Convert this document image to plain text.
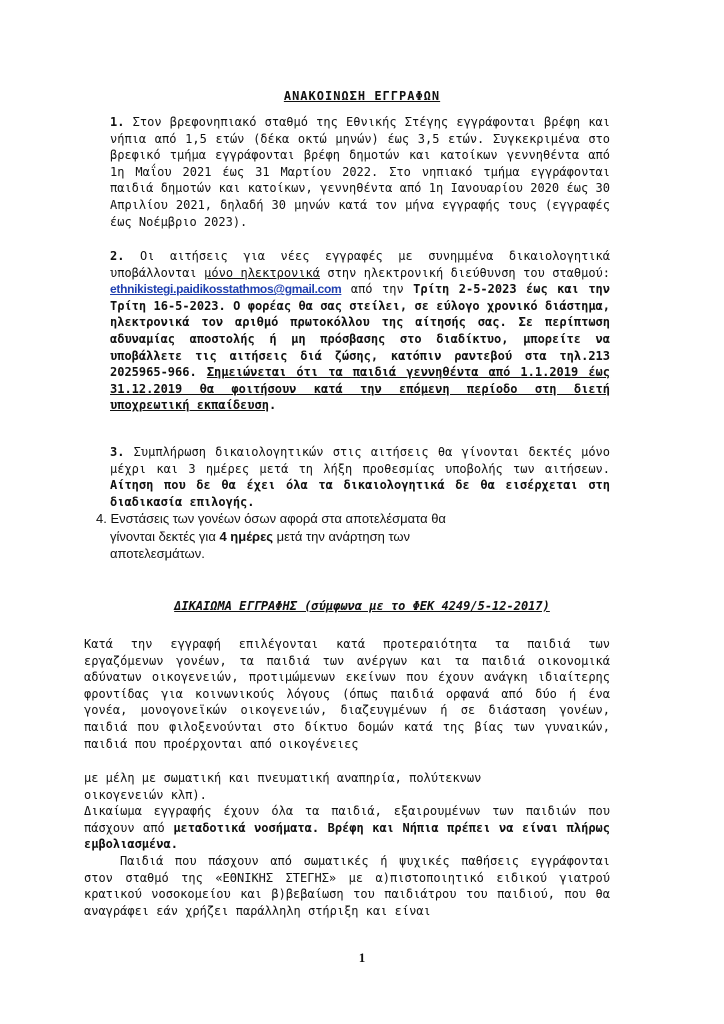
ΑΝΑΚΟΙΝΩΣΗ ΕΓΓΡΑΦΩΝ

1. Στον βρεφονηπιακό σταθμό της Εθνικής Στέγης εγγράφονται βρέφη και νήπια από 1,5 ετών (δέκα οκτώ μηνών) έως 3,5 ετών. Συγκεκριμένα στο βρεφικό τμήμα εγγράφονται βρέφη δημοτών και κατοίκων γεννηθέντα από 1η Μαΐου 2021 έως 31 Μαρτίου 2022. Στο νηπιακό τμήμα εγγράφονται παιδιά δημοτών και κατοίκων, γεννηθέντα από 1η Ιανουαρίου 2020 έως 30 Απριλίου 2021, δηλαδή 30 μηνών κατά τον μήνα εγγραφής τους (εγγραφές έως Νοέμβριο 2023).

2. Οι αιτήσεις για νέες εγγραφές με συνημμένα δικαιολογητικά υποβάλλονται μόνο ηλεκτρονικά στην ηλεκτρονική διεύθυνση του σταθμού: ethnikistegi.paidikosstathmos@gmail.com από την Τρίτη 2-5-2023 έως και την Τρίτη 16-5-2023. Ο φορέας θα σας στείλει, σε εύλογο χρονικό διάστημα, ηλεκτρονικά τον αριθμό πρωτοκόλλου της αίτησής σας. Σε περίπτωση αδυναμίας αποστολής ή μη πρόσβασης στο διαδίκτυο, μπορείτε να υποβάλλετε τις αιτήσεις διά ζώσης, κατόπιν ραντεβού στα τηλ.213 2025965-966. Σημειώνεται ότι τα παιδιά γεννηθέντα από 1.1.2019 έως 31.12.2019 θα φοιτήσουν κατά την επόμενη περίοδο στη διετή υποχρεωτική εκπαίδευση.

3. Συμπλήρωση δικαιολογητικών στις αιτήσεις θα γίνονται δεκτές μόνο μέχρι και 3 ημέρες μετά τη λήξη προθεσμίας υποβολής των αιτήσεων. Αίτηση που δε θα έχει όλα τα δικαιολογητικά δε θα εισέρχεται στη διαδικασία επιλογής.

4. Ενστάσεις των γονέων όσων αφορά στα αποτελέσματα θα
γίνονται δεκτές για 4 ημέρες μετά την ανάρτηση των
αποτελεσμάτων.
ΔΙΚΑΙΩΜΑ ΕΓΓΡΑΦΗΣ (σύμφωνα με το ΦΕΚ 4249/5-12-2017)

Κατά την εγγραφή επιλέγονται κατά προτεραιότητα τα παιδιά των εργαζόμενων γονέων, τα παιδιά των ανέργων και τα παιδιά οικονομικά αδύνατων οικογενειών, προτιμώμενων εκείνων που έχουν ανάγκη ιδιαίτερης φροντίδας για κοινωνικούς λόγους (όπως παιδιά ορφανά από δύο ή ένα γονέα, μονογονεϊκών οικογενειών, διαζευγμένων ή σε διάσταση γονέων, παιδιά που φιλοξενούνται στο δίκτυο δομών κατά της βίας των γυναικών, παιδιά που προέρχονται από οικογένειες

με μέλη με σωματική και πνευματική αναπηρία, πολύτεκνων οικογενειών κλπ).

Δικαίωμα εγγραφής έχουν όλα τα παιδιά, εξαιρουμένων των παιδιών που πάσχουν από μεταδοτικά νοσήματα. Βρέφη και Νήπια πρέπει να είναι πλήρως εμβολιασμένα.

Παιδιά που πάσχουν από σωματικές ή ψυχικές παθήσεις εγγράφονται στον σταθμό της «ΕΘΝΙΚΗΣ ΣΤΕΓΗΣ» με α)πιστοποιητικό ειδικού γιατρού κρατικού νοσοκομείου και β)βεβαίωση του παιδιάτρου του παιδιού, που θα αναγράφει εάν χρήζει παράλληλη στήριξη και είναι

1
